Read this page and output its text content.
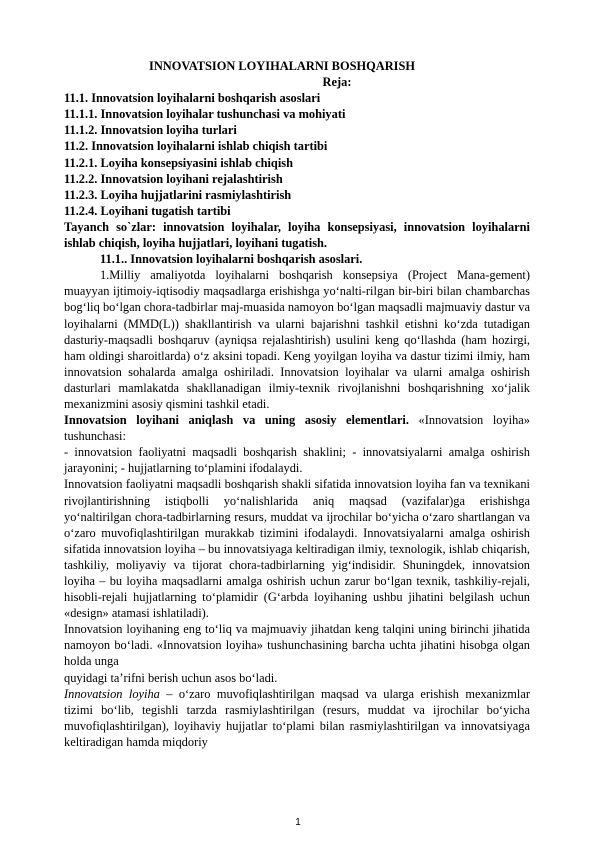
INNOVATSION LOYIHALARNI BOSHQARISH
Reja:
11.1. Innovatsion loyihalarni boshqarish asoslari
11.1.1. Innovatsion loyihalar tushunchasi va mohiyati
11.1.2. Innovatsion loyiha turlari
11.2. Innovatsion loyihalarni ishlab chiqish tartibi
11.2.1. Loyiha konsepsiyasini ishlab chiqish
11.2.2. Innovatsion loyihani rejalashtirish
11.2.3. Loyiha hujjatlarini rasmiylashtirish
11.2.4. Loyihani tugatish tartibi

Tayanch so`zlar: innovatsion loyihalar, loyiha konsepsiyasi, innovatsion loyihalarni ishlab chiqish, loyiha hujjatlari, loyihani tugatish.

11.1.. Innovatsion loyihalarni boshqarish asoslari.

1.Milliy amaliyotda loyihalarni boshqarish konsepsiya (Project Mana-gement) muayyan ijtimoiy-iqtisodiy maqsadlarga erishishga yo‘nalti-rilgan bir-biri bilan chambarchas bog‘liq bo‘lgan chora-tadbirlar maj-muasida namoyon bo‘lgan maqsadli majmuaviy dastur va loyihalarni (MMD(L)) shakllantirish va ularni bajarishni tashkil etishni ko‘zda tutadigan dasturiy-maqsadli boshqaruv (ayniqsa rejalashtirish) usulini keng qo‘llashda (ham hozirgi, ham oldingi sharoitlarda) o‘z aksini topadi. Keng yoyilgan loyiha va dastur tizimi ilmiy, ham innovatsion sohalarda amalga oshiriladi. Innovatsion loyihalar va ularni amalga oshirish dasturlari mamlakatda shakllanadigan ilmiy-texnik rivojlanishni boshqarishning xo‘jalik mexanizmini asosiy qismini tashkil etadi.

Innovatsion loyihani aniqlash va uning asosiy elementlari. «Innovatsion loyiha» tushunchasi:

- innovatsion faoliyatni maqsadli boshqarish shaklini; - innovatsiyalarni amalga oshirish jarayonini; - hujjatlarning to‘plamini ifodalaydi.

Innovatsion faoliyatni maqsadli boshqarish shakli sifatida innovatsion loyiha fan va texnikani rivojlantirishning istiqbolli yo‘nalishlarida aniq maqsad (vazifalar)ga erishishga yo‘naltirilgan chora-tadbirlarning resurs, muddat va ijrochilar bo‘yicha o‘zaro shartlangan va o‘zaro muvofiqlashtirilgan murakkab tizimini ifodalaydi. Innovatsiyalarni amalga oshirish sifatida innovatsion loyiha – bu innovatsiyaga keltiradigan ilmiy, texnologik, ishlab chiqarish, tashkiliy, moliyaviy va tijorat chora-tadbirlarning yig‘indisidir. Shuningdek, innovatsion loyiha – bu loyiha maqsadlarni amalga oshirish uchun zarur bo‘lgan texnik, tashkiliy-rejali, hisobli-rejali hujjatlarning to‘plamidir (G‘arbda loyihaning ushbu jihatini belgilash uchun «design» atamasi ishlatiladi).

Innovatsion loyihaning eng to‘liq va majmuaviy jihatdan keng talqini uning birinchi jihatida namoyon bo‘ladi. «Innovatsion loyiha» tushunchasining barcha uchta jihatini hisobga olgan holda unga

quyidagi ta’rifni berish uchun asos bo‘ladi.

Innovatsion loyiha – o‘zaro muvofiqlashtirilgan maqsad va ularga erishish mexanizmlar tizimi bo‘lib, tegishli tarzda rasmiylashtirilgan (resurs, muddat va ijrochilar bo‘yicha muvofiqlashtirilgan), loyihaviy hujjatlar to‘plami bilan rasmiylashtirilgan va innovatsiyaga keltiradigan hamda miqdoriy

1
